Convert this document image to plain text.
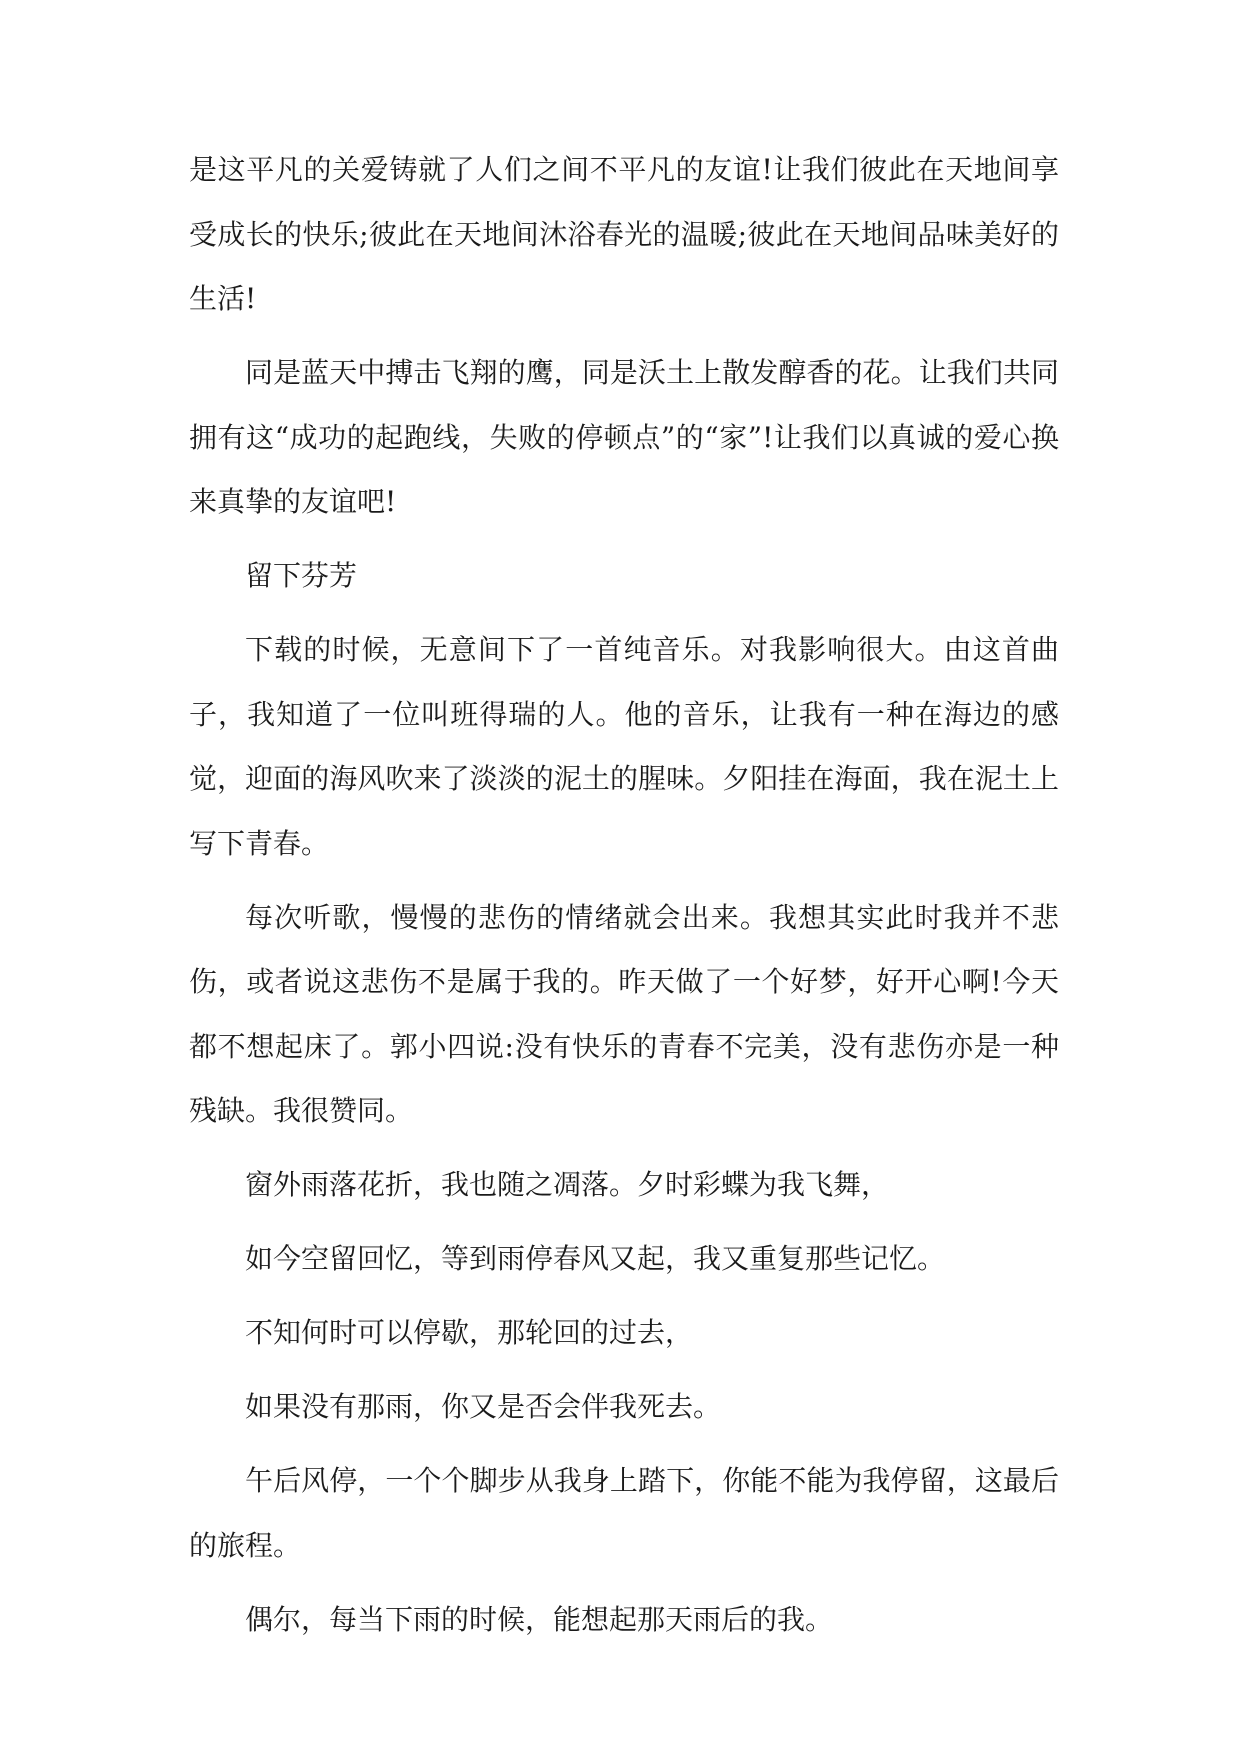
是这平凡的关爱铸就了人们之间不平凡的友谊!让我们彼此在天地间享受成长的快乐;彼此在天地间沐浴春光的温暖;彼此在天地间品味美好的生活!

同是蓝天中搏击飞翔的鹰，同是沃土上散发醇香的花。让我们共同拥有这“成功的起跑线，失败的停顿点”的“家”!让我们以真诚的爱心换来真挚的友谊吧!

留下芬芳

下载的时候，无意间下了一首纯音乐。对我影响很大。由这首曲子，我知道了一位叫班得瑞的人。他的音乐，让我有一种在海边的感觉，迎面的海风吹来了淡淡的泥土的腥味。夕阳挂在海面，我在泥土上写下青春。

每次听歌，慢慢的悲伤的情绪就会出来。我想其实此时我并不悲伤，或者说这悲伤不是属于我的。昨天做了一个好梦，好开心啊!今天都不想起床了。郭小四说:没有快乐的青春不完美，没有悲伤亦是一种残缺。我很赞同。

窗外雨落花折，我也随之凋落。夕时彩蝶为我飞舞，

如今空留回忆，等到雨停春风又起，我又重复那些记忆。

不知何时可以停歇，那轮回的过去，

如果没有那雨，你又是否会伴我死去。

午后风停，一个个脚步从我身上踏下，你能不能为我停留，这最后的旅程。

偶尔，每当下雨的时候，能想起那天雨后的我。
